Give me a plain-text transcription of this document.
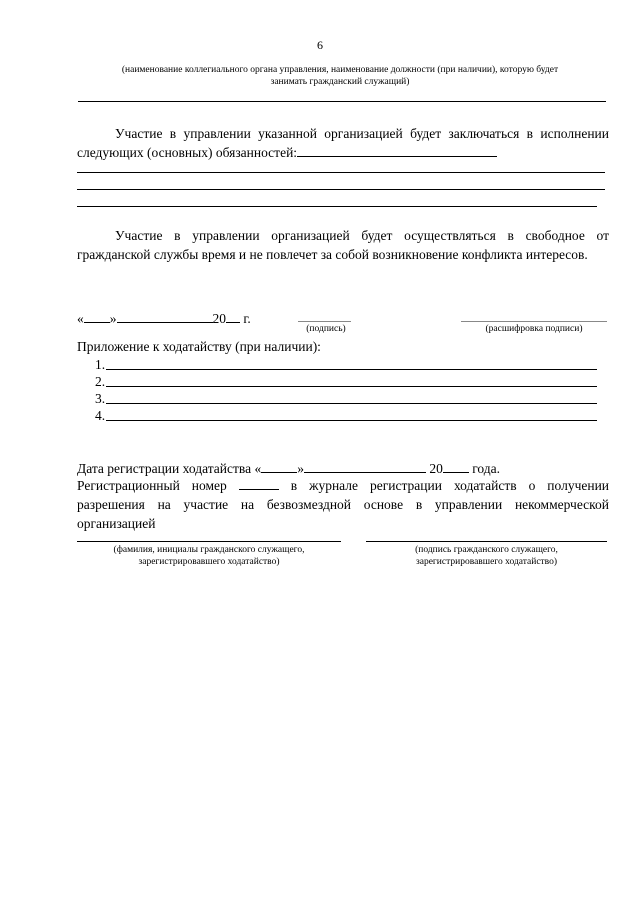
6
(наименование коллегиального органа управления, наименование должности (при наличии), которую будет
занимать гражданский служащий)
Участие в управлении указанной организацией будет заключаться в исполнении следующих (основных) обязанностей:
Участие в управлении организацией будет осуществляться в свободное от гражданской службы время и не повлечет за собой возникновение конфликта интересов.
« »	20 г.
(подпись)	(расшифровка подписи)
Приложение к ходатайству (при наличии):
1.
2.
3.
4.
Дата регистрации ходатайства «	»	20 года.
Регистрационный номер	в журнале регистрации ходатайств о получении разрешения на участие на безвозмездной основе в управлении некоммерческой организацией
(фамилия, инициалы гражданского служащего,
зарегистрировавшего ходатайство)
(подпись гражданского служащего,
зарегистрировавшего ходатайство)
